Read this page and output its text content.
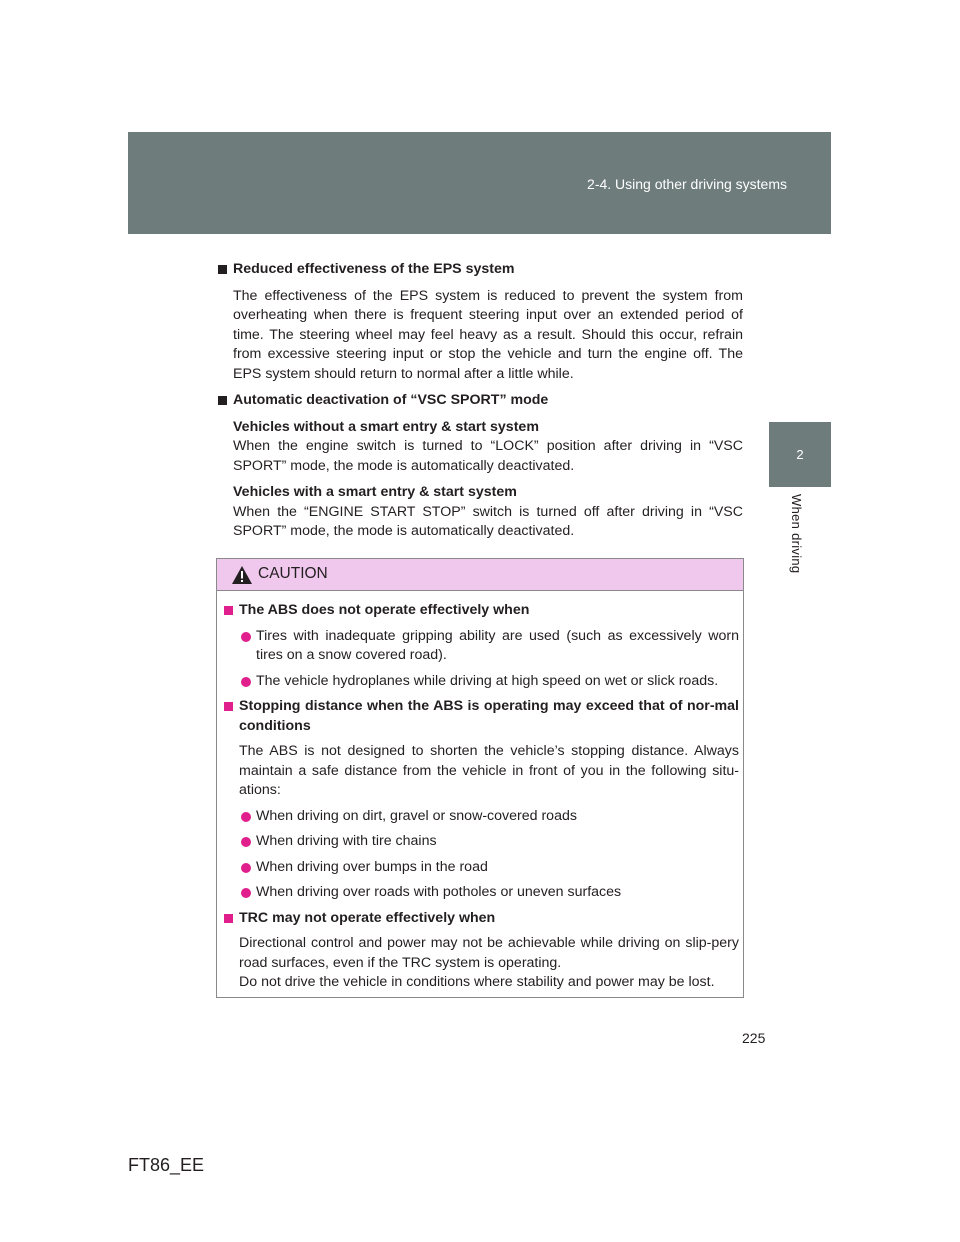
2-4. Using other driving systems
2
When driving
Reduced effectiveness of the EPS system

The effectiveness of the EPS system is reduced to prevent the system from overheating when there is frequent steering input over an extended period of time. The steering wheel may feel heavy as a result. Should this occur, refrain from excessive steering input or stop the vehicle and turn the engine off. The EPS system should return to normal after a little while.

Automatic deactivation of “VSC SPORT” mode
Vehicles without a smart entry & start system

When the engine switch is turned to “LOCK” position after driving in “VSC SPORT” mode, the mode is automatically deactivated.

Vehicles with a smart entry & start system

When the “ENGINE START STOP” switch is turned off after driving in “VSC SPORT” mode, the mode is automatically deactivated.

CAUTION
The ABS does not operate effectively when
Tires with inadequate gripping ability are used (such as excessively worn tires on a snow covered road).
The vehicle hydroplanes while driving at high speed on wet or slick roads.
Stopping distance when the ABS is operating may exceed that of nor-mal conditions

The ABS is not designed to shorten the vehicle’s stopping distance. Always maintain a safe distance from the vehicle in front of you in the following situ-ations:

When driving on dirt, gravel or snow-covered roads
When driving with tire chains
When driving over bumps in the road
When driving over roads with potholes or uneven surfaces
TRC may not operate effectively when

Directional control and power may not be achievable while driving on slip-pery road surfaces, even if the TRC system is operating.

Do not drive the vehicle in conditions where stability and power may be lost.

225
FT86_EE
